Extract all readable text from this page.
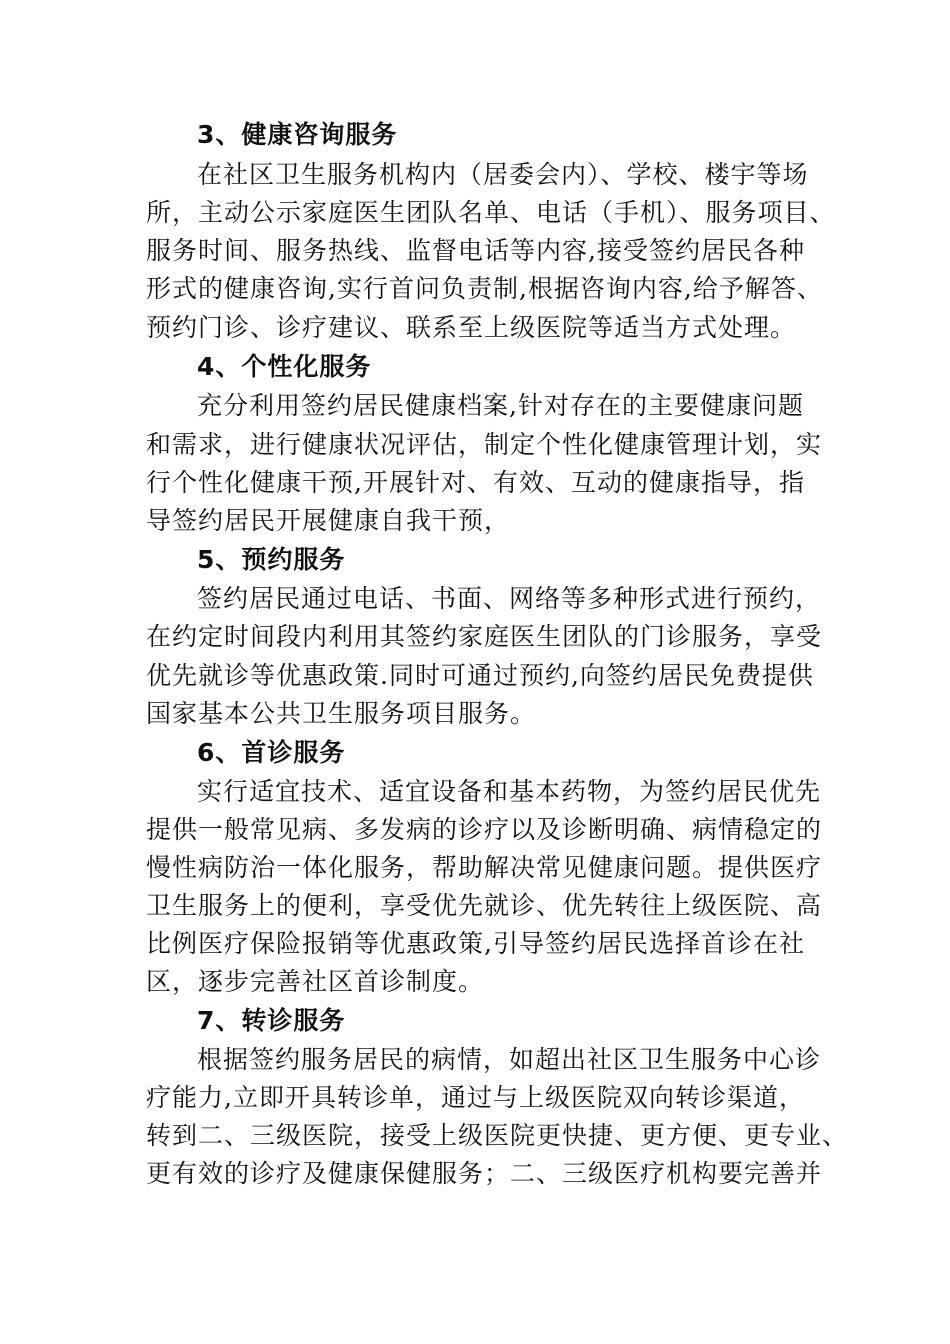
3、健康咨询服务
在社区卫生服务机构内（居委会内）、学校、楼宇等场
所，主动公示家庭医生团队名单、电话（手机）、服务项目、
服务时间、服务热线、监督电话等内容,接受签约居民各种
形式的健康咨询,实行首问负责制,根据咨询内容,给予解答、
预约门诊、诊疗建议、联系至上级医院等适当方式处理。
4、个性化服务
充分利用签约居民健康档案,针对存在的主要健康问题
和需求，进行健康状况评估，制定个性化健康管理计划，实
行个性化健康干预,开展针对、有效、互动的健康指导，指
导签约居民开展健康自我干预，
5、预约服务
签约居民通过电话、书面、网络等多种形式进行预约，
在约定时间段内利用其签约家庭医生团队的门诊服务，享受
优先就诊等优惠政策.同时可通过预约,向签约居民免费提供
国家基本公共卫生服务项目服务。
6、首诊服务
实行适宜技术、适宜设备和基本药物，为签约居民优先
提供一般常见病、多发病的诊疗以及诊断明确、病情稳定的
慢性病防治一体化服务，帮助解决常见健康问题。提供医疗
卫生服务上的便利，享受优先就诊、优先转往上级医院、高
比例医疗保险报销等优惠政策,引导签约居民选择首诊在社
区，逐步完善社区首诊制度。
7、转诊服务
根据签约服务居民的病情，如超出社区卫生服务中心诊
疗能力,立即开具转诊单，通过与上级医院双向转诊渠道，
转到二、三级医院，接受上级医院更快捷、更方便、更专业、
更有效的诊疗及健康保健服务；二、三级医疗机构要完善并
